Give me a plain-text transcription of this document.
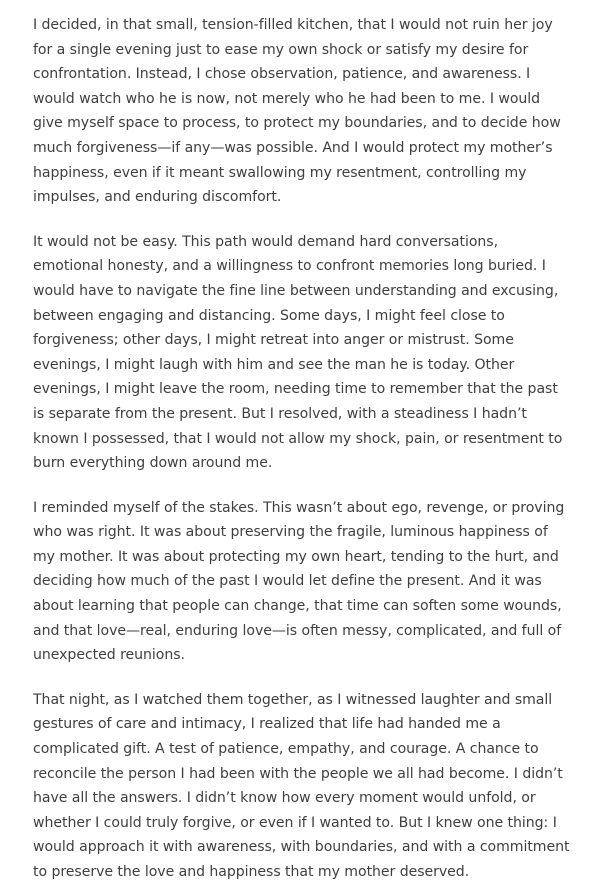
I decided, in that small, tension-filled kitchen, that I would not ruin her joy for a single evening just to ease my own shock or satisfy my desire for confrontation. Instead, I chose observation, patience, and awareness. I would watch who he is now, not merely who he had been to me. I would give myself space to process, to protect my boundaries, and to decide how much forgiveness—if any—was possible. And I would protect my mother’s happiness, even if it meant swallowing my resentment, controlling my impulses, and enduring discomfort.

It would not be easy. This path would demand hard conversations, emotional honesty, and a willingness to confront memories long buried. I would have to navigate the fine line between understanding and excusing, between engaging and distancing. Some days, I might feel close to forgiveness; other days, I might retreat into anger or mistrust. Some evenings, I might laugh with him and see the man he is today. Other evenings, I might leave the room, needing time to remember that the past is separate from the present. But I resolved, with a steadiness I hadn’t known I possessed, that I would not allow my shock, pain, or resentment to burn everything down around me.

I reminded myself of the stakes. This wasn’t about ego, revenge, or proving who was right. It was about preserving the fragile, luminous happiness of my mother. It was about protecting my own heart, tending to the hurt, and deciding how much of the past I would let define the present. And it was about learning that people can change, that time can soften some wounds, and that love—real, enduring love—is often messy, complicated, and full of unexpected reunions.

That night, as I watched them together, as I witnessed laughter and small gestures of care and intimacy, I realized that life had handed me a complicated gift. A test of patience, empathy, and courage. A chance to reconcile the person I had been with the people we all had become. I didn’t have all the answers. I didn’t know how every moment would unfold, or whether I could truly forgive, or even if I wanted to. But I knew one thing: I would approach it with awareness, with boundaries, and with a commitment to preserve the love and happiness that my mother deserved.
